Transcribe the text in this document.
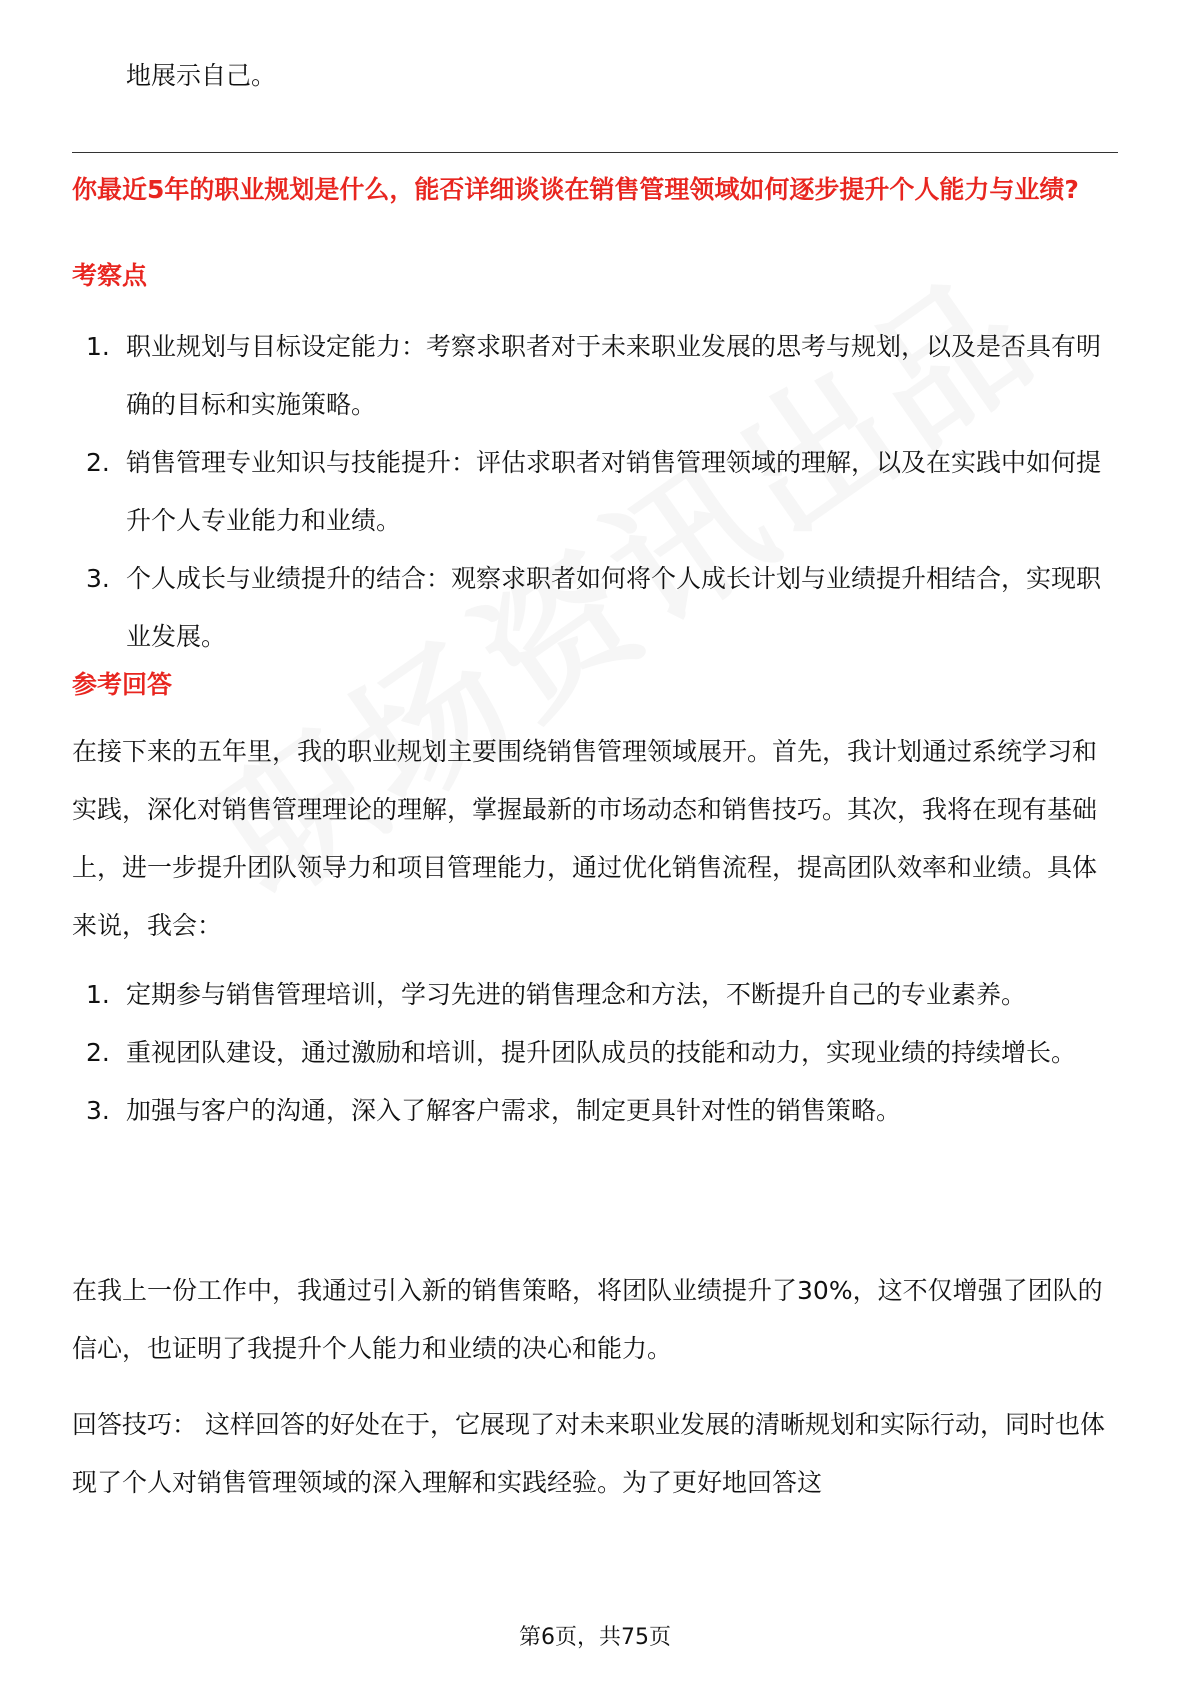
地展示自己。

你最近5年的职业规划是什么，能否详细谈谈在销售管理领域如何逐步提升个人能力与业绩?

考察点

1. 职业规划与目标设定能力：考察求职者对于未来职业发展的思考与规划，以及是否具有明确的目标和实施策略。
2. 销售管理专业知识与技能提升：评估求职者对销售管理领域的理解，以及在实践中如何提升个人专业能力和业绩。
3. 个人成长与业绩提升的结合：观察求职者如何将个人成长计划与业绩提升相结合，实现职业发展。

参考回答

在接下来的五年里，我的职业规划主要围绕销售管理领域展开。首先，我计划通过系统学习和实践，深化对销售管理理论的理解，掌握最新的市场动态和销售技巧。其次，我将在现有基础上，进一步提升团队领导力和项目管理能力，通过优化销售流程，提高团队效率和业绩。具体来说，我会：

1. 定期参与销售管理培训，学习先进的销售理念和方法，不断提升自己的专业素养。
2. 重视团队建设，通过激励和培训，提升团队成员的技能和动力，实现业绩的持续增长。
3. 加强与客户的沟通，深入了解客户需求，制定更具针对性的销售策略。

在我上一份工作中，我通过引入新的销售策略，将团队业绩提升了30%，这不仅增强了团队的信心，也证明了我提升个人能力和业绩的决心和能力。

回答技巧： 这样回答的好处在于，它展现了对未来职业发展的清晰规划和实际行动，同时也体现了个人对销售管理领域的深入理解和实践经验。为了更好地回答这

第6页，共75页
